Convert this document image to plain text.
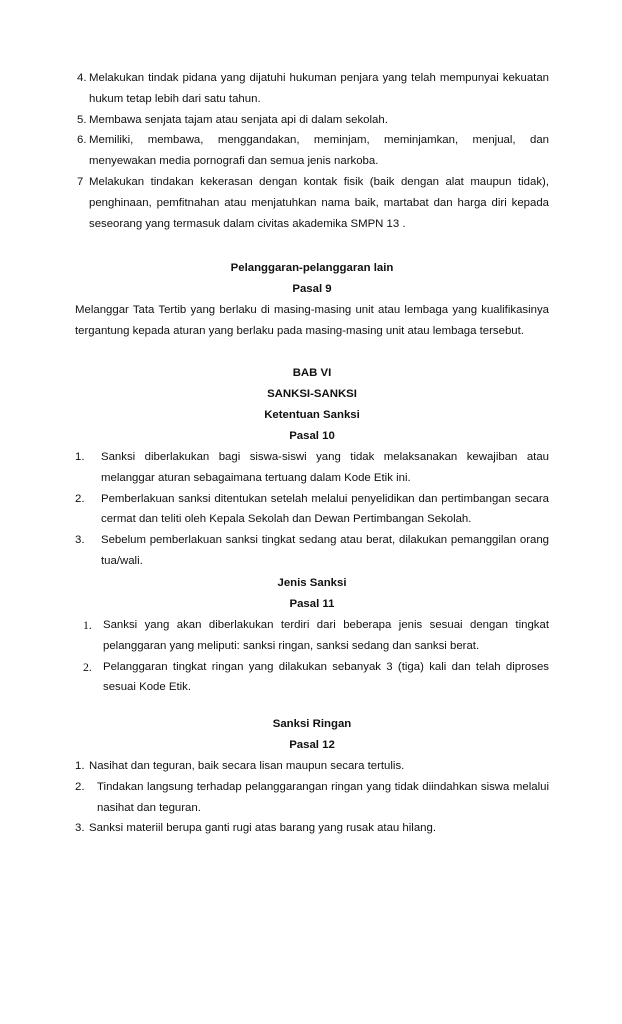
4. Melakukan tindak pidana yang dijatuhi hukuman penjara yang telah mempunyai kekuatan hukum tetap lebih dari satu tahun.
5. Membawa senjata tajam atau senjata api di dalam sekolah.
6. Memiliki, membawa, menggandakan, meminjam, meminjamkan, menjual, dan menyewakan media pornografi dan semua jenis narkoba.
7 Melakukan tindakan kekerasan dengan kontak fisik (baik dengan alat maupun tidak), penghinaan, pemfitnahan atau menjatuhkan nama baik, martabat dan harga diri kepada seseorang yang termasuk dalam civitas akademika SMPN 13 .
Pelanggaran-pelanggaran lain
Pasal 9
Melanggar Tata Tertib yang berlaku di masing-masing unit atau lembaga yang kualifikasinya tergantung kepada aturan yang berlaku pada masing-masing unit atau lembaga tersebut.
BAB VI
SANKSI-SANKSI
Ketentuan Sanksi
Pasal 10
1. Sanksi diberlakukan bagi siswa-siswi yang tidak melaksanakan kewajiban atau melanggar aturan sebagaimana tertuang dalam Kode Etik ini.
2. Pemberlakuan sanksi ditentukan setelah melalui penyelidikan dan pertimbangan secara cermat dan teliti oleh Kepala Sekolah dan Dewan Pertimbangan Sekolah.
3. Sebelum pemberlakuan sanksi tingkat sedang atau berat, dilakukan pemanggilan orang tua/wali.
Jenis Sanksi
Pasal 11
1. Sanksi yang akan diberlakukan terdiri dari beberapa jenis sesuai dengan tingkat pelanggaran yang meliputi: sanksi ringan, sanksi sedang dan sanksi berat.
2. Pelanggaran tingkat ringan yang dilakukan sebanyak 3 (tiga) kali dan telah diproses sesuai Kode Etik.
Sanksi Ringan
Pasal 12
1. Nasihat dan teguran, baik secara lisan maupun secara tertulis.
2. Tindakan langsung terhadap pelanggarangan ringan yang tidak diindahkan siswa melalui nasihat dan teguran.
3. Sanksi materiil berupa ganti rugi atas barang yang rusak atau hilang.
